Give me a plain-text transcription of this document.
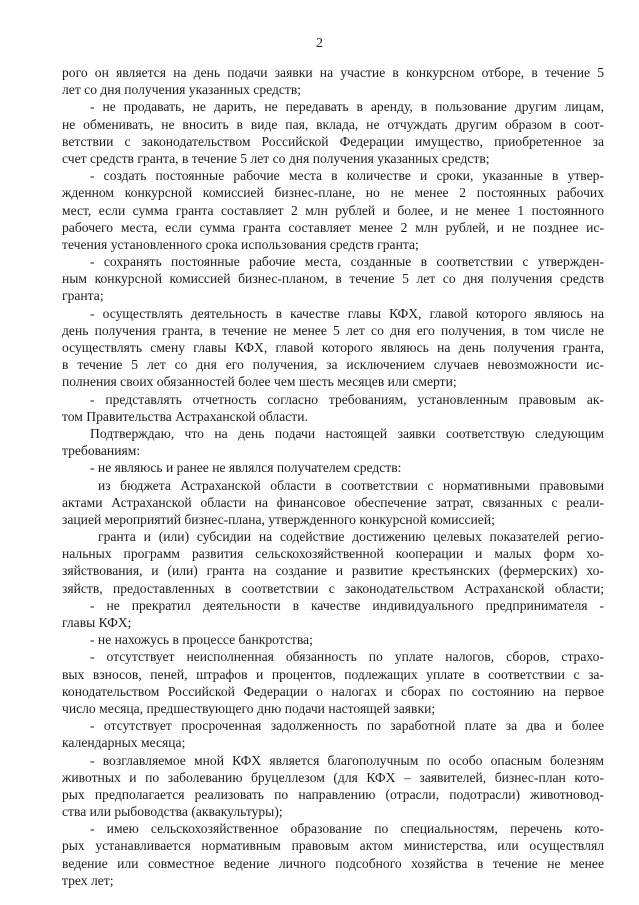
2
рого он является на день подачи заявки на участие в конкурсном отборе, в течение 5
лет со дня получения указанных средств;
- не продавать, не дарить, не передавать в аренду, в пользование другим лицам,
не обменивать, не вносить в виде пая, вклада, не отчуждать другим образом в соот-
ветствии с законодательством Российской Федерации имущество, приобретенное за
счет средств гранта, в течение 5 лет со дня получения указанных средств;
- создать постоянные рабочие места в количестве и сроки, указанные в утвер-
жденном конкурсной комиссией бизнес-плане, но не менее 2 постоянных рабочих
мест, если сумма гранта составляет 2 млн рублей и более, и не менее 1 постоянного
рабочего места, если сумма гранта составляет менее 2 млн рублей, и не позднее ис-
течения установленного срока использования средств гранта;
- сохранять постоянные рабочие места, созданные в соответствии с утвержден-
ным конкурсной комиссией бизнес-планом, в течение 5 лет со дня получения средств
гранта;
- осуществлять деятельность в качестве главы КФХ, главой которого являюсь на
день получения гранта, в течение не менее 5 лет со дня его получения, в том числе не
осуществлять смену главы КФХ, главой которого являюсь на день получения гранта,
в течение 5 лет со дня его получения, за исключением случаев невозможности ис-
полнения своих обязанностей более чем шесть месяцев или смерти;
- представлять отчетность согласно требованиям, установленным правовым ак-
том Правительства Астраханской области.
Подтверждаю, что на день подачи настоящей заявки соответствую следующим
требованиям:
- не являюсь и ранее не являлся получателем средств:
из бюджета Астраханской области в соответствии с нормативными правовыми
актами Астраханской области на финансовое обеспечение затрат, связанных с реали-
зацией мероприятий бизнес-плана, утвержденного конкурсной комиссией;
гранта и (или) субсидии на содействие достижению целевых показателей регио-
нальных программ развития сельскохозяйственной кооперации и малых форм хо-
зяйствования, и (или) гранта на создание и развитие крестьянских (фермерских) хо-
зяйств, предоставленных в соответствии с законодательством Астраханской области;
- не прекратил деятельности в качестве индивидуального предпринимателя -
главы КФХ;
- не нахожусь в процессе банкротства;
- отсутствует неисполненная обязанность по уплате налогов, сборов, страхо-
вых взносов, пеней, штрафов и процентов, подлежащих уплате в соответствии с за-
конодательством Российской Федерации о налогах и сборах по состоянию на первое
число месяца, предшествующего дню подачи настоящей заявки;
- отсутствует просроченная задолженность по заработной плате за два и более
календарных месяца;
- возглавляемое мной КФХ является благополучным по особо опасным болезням
животных и по заболеванию бруцеллезом (для КФХ – заявителей, бизнес-план кото-
рых предполагается реализовать по направлению (отрасли, подотрасли) животновод-
ства или рыбоводства (аквакультуры);
- имею сельскохозяйственное образование по специальностям, перечень кото-
рых устанавливается нормативным правовым актом министерства, или осуществлял
ведение или совместное ведение личного подсобного хозяйства в течение не менее
трех лет;
